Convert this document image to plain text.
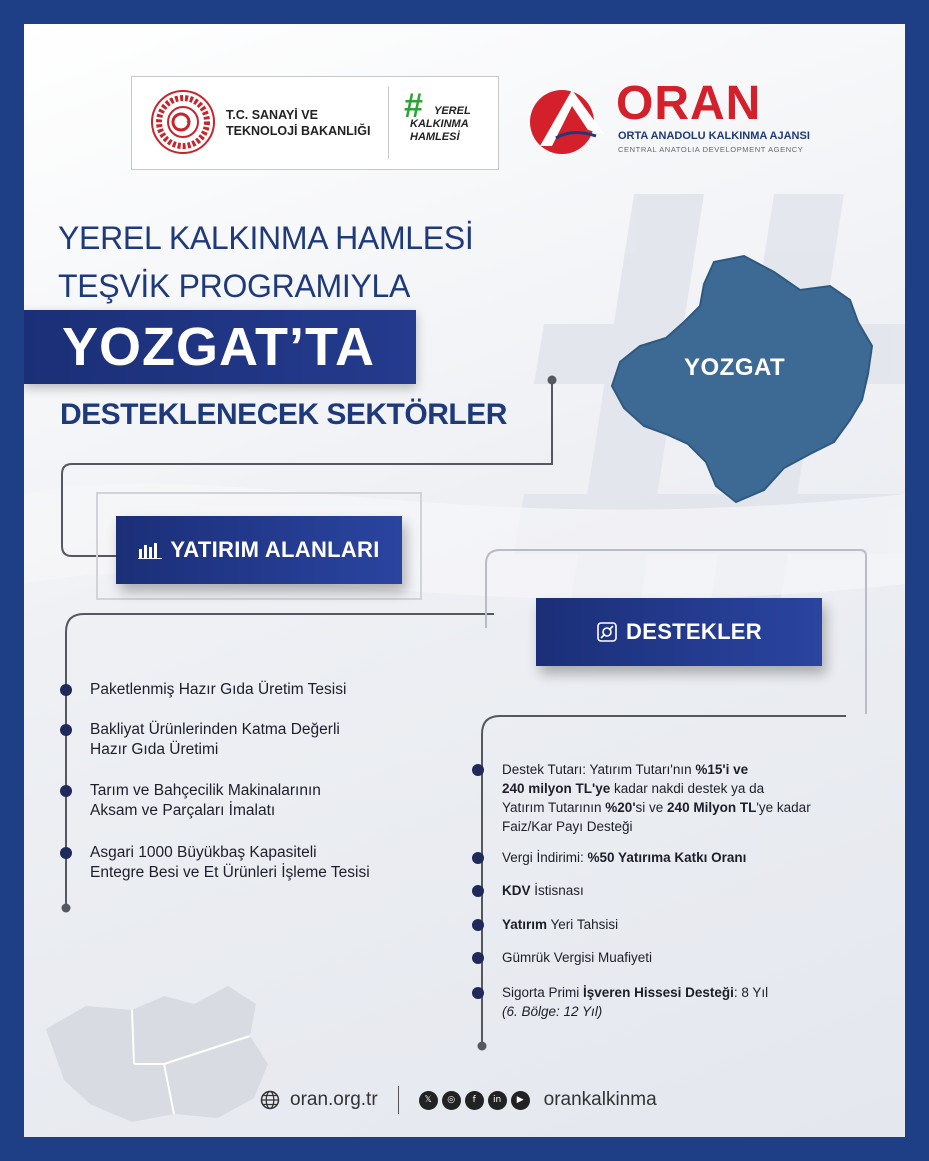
YOZGAT
T.C. SANAYİ VE
TEKNOLOJİ BAKANLIĞI
#	YEREL
KALKINMA
HAMLESİ
ORAN
ORTA ANADOLU KALKINMA AJANSI
CENTRAL ANATOLIA DEVELOPMENT AGENCY
YEREL KALKINMA HAMLESİ
TEŞVİK PROGRAMIYLA
YOZGAT’TA
DESTEKLENECEK SEKTÖRLER
YATIRIM ALANLARI
Paketlenmiş Hazır Gıda Üretim Tesisi
Bakliyat Ürünlerinden Katma Değerli
Hazır Gıda Üretimi
Tarım ve Bahçecilik Makinalarının
Aksam ve Parçaları İmalatı
Asgari 1000 Büyükbaş Kapasiteli
Entegre Besi ve Et Ürünleri İşleme Tesisi
DESTEKLER
Destek Tutarı: Yatırım Tutarı'nın %15'i ve
240 milyon TL'ye kadar nakdi destek ya da
Yatırım Tutarının %20'si ve 240 Milyon TL'ye kadar
Faiz/Kar Payı Desteği
Vergi İndirimi: %50 Yatırıma Katkı Oranı
KDV İstisnası
Yatırım Yeri Tahsisi
Gümrük Vergisi Muafiyeti
Sigorta Primi İşveren Hissesi Desteği: 8 Yıl
(6. Bölge: 12 Yıl)
oran.org.tr	𝕏	◎	f	in	▶	orankalkinma
